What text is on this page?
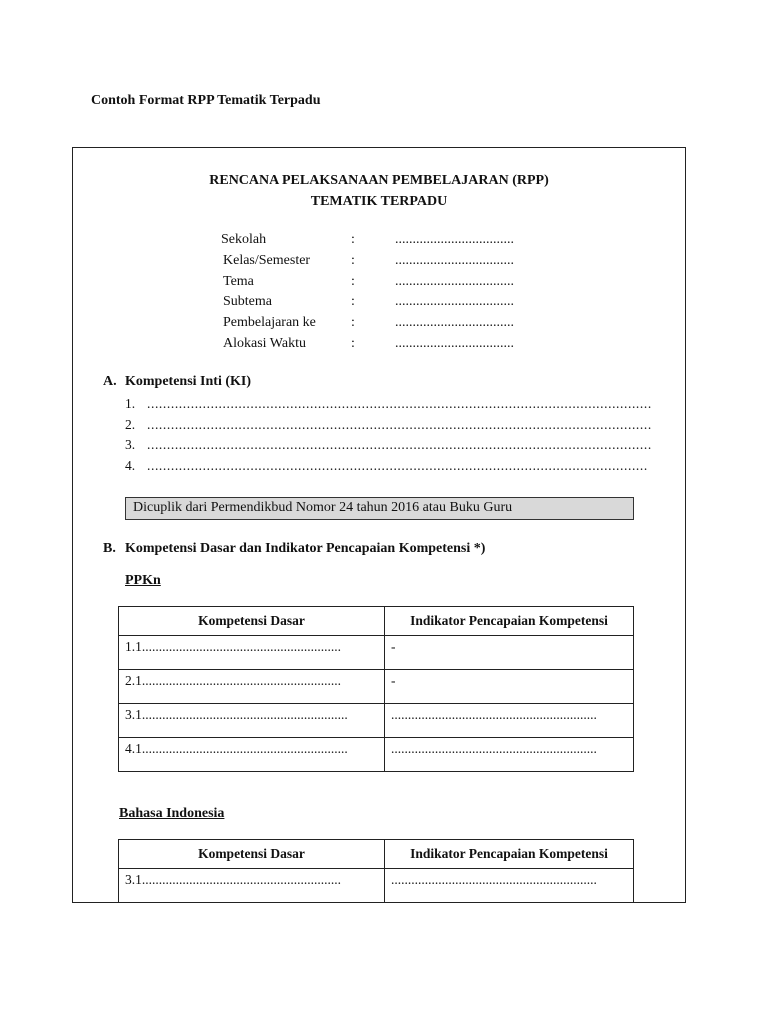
Contoh Format RPP Tematik Terpadu
RENCANA PELAKSANAAN PEMBELAJARAN (RPP)
TEMATIK TERPADU
Sekolah	:	..................................
Kelas/Semester	:	..................................
Tema	:	..................................
Subtema	:	..................................
Pembelajaran ke	:	..................................
Alokasi Waktu	:	..................................
A. Kompetensi Inti (KI)
1. ...............................................................................................................................
2. ...............................................................................................................................
3. ...............................................................................................................................
4. ..............................................................................................................................
Dicuplik dari Permendikbud Nomor 24 tahun 2016 atau Buku Guru
B. Kompetensi Dasar dan Indikator Pencapaian Kompetensi *)
PPKn
Kompetensi Dasar	Indikator Pencapaian Kompetensi
1.1...........................................................	-
2.1...........................................................	-
3.1.............................................................	.............................................................
4.1.............................................................	.............................................................
Bahasa Indonesia
Kompetensi Dasar	Indikator Pencapaian Kompetensi
3.1...........................................................	.............................................................
